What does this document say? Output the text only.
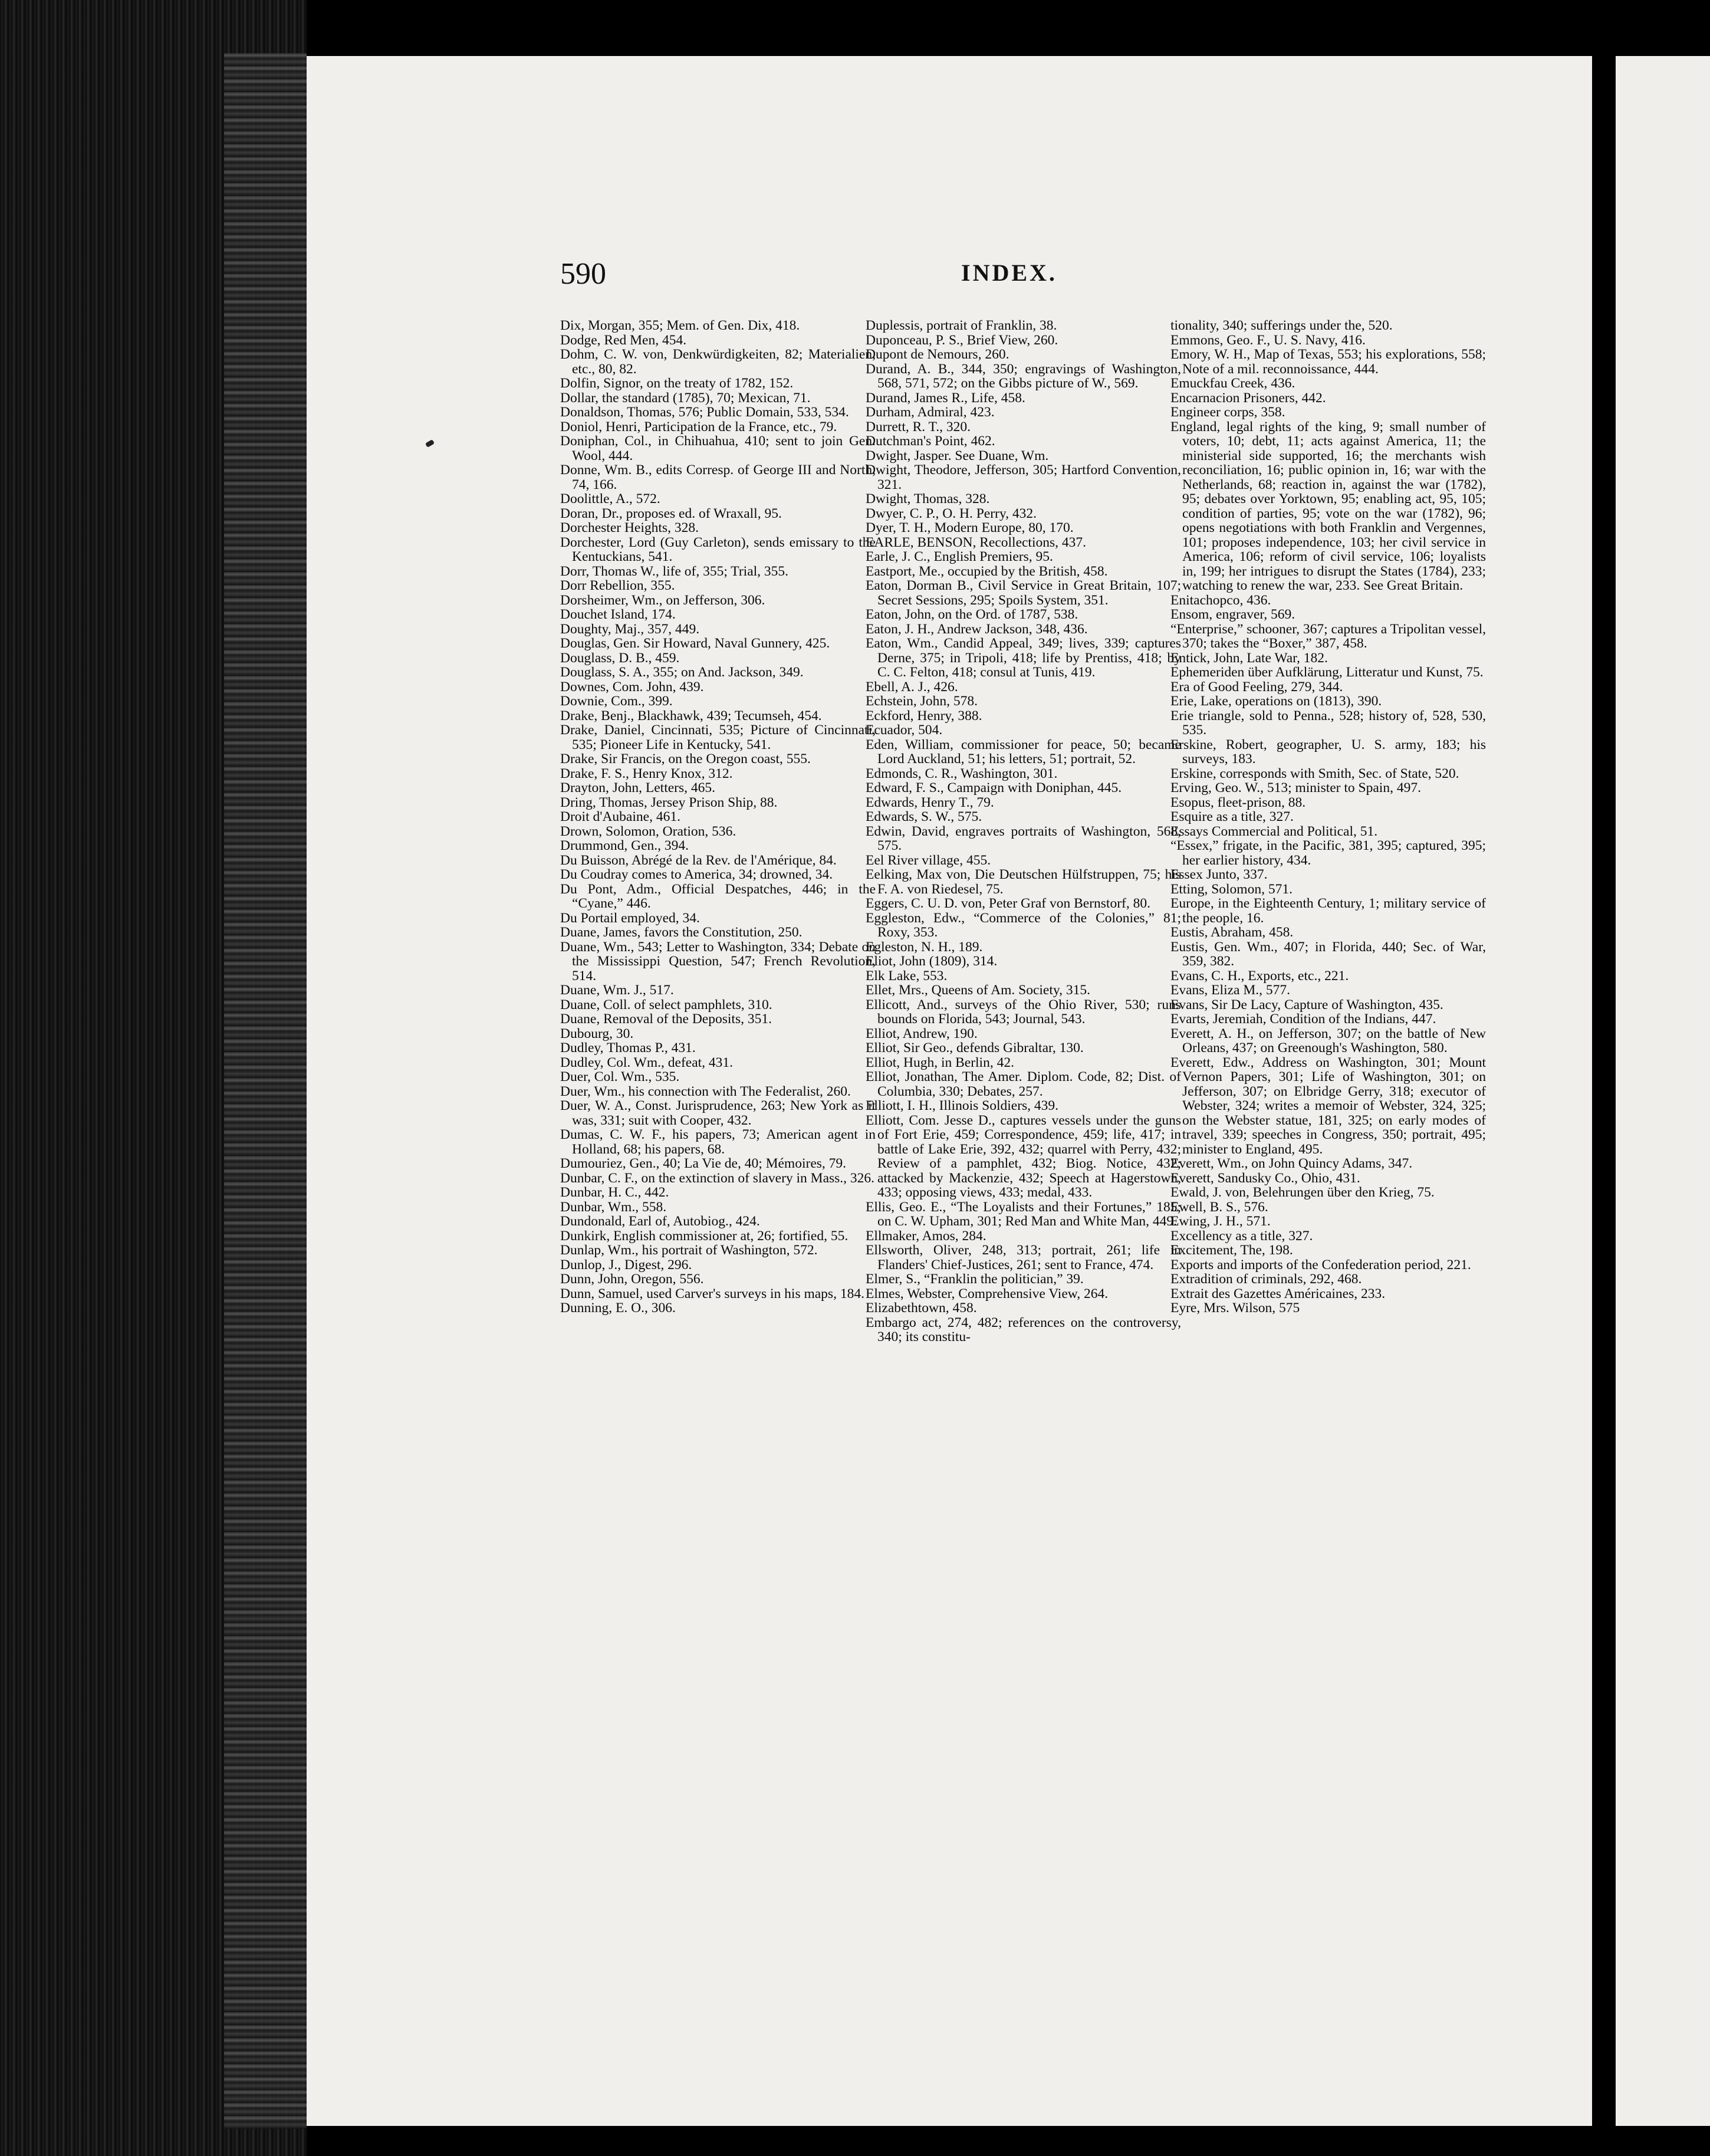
590	INDEX.

Dix, Morgan, 355; Mem. of Gen. Dix, 418.

Dodge, Red Men, 454.

Dohm, C. W. von, Denkwürdigkeiten, 82; Materialien, etc., 80, 82.

Dolfin, Signor, on the treaty of 1782, 152.

Dollar, the standard (1785), 70; Mexican, 71.

Donaldson, Thomas, 576; Public Domain, 533, 534.

Doniol, Henri, Participation de la France, etc., 79.

Doniphan, Col., in Chihuahua, 410; sent to join Gen. Wool, 444.

Donne, Wm. B., edits Corresp. of George III and North, 74, 166.

Doolittle, A., 572.

Doran, Dr., proposes ed. of Wraxall, 95.

Dorchester Heights, 328.

Dorchester, Lord (Guy Carleton), sends emissary to the Kentuckians, 541.

Dorr, Thomas W., life of, 355; Trial, 355.

Dorr Rebellion, 355.

Dorsheimer, Wm., on Jefferson, 306.

Douchet Island, 174.

Doughty, Maj., 357, 449.

Douglas, Gen. Sir Howard, Naval Gunnery, 425.

Douglass, D. B., 459.

Douglass, S. A., 355; on And. Jackson, 349.

Downes, Com. John, 439.

Downie, Com., 399.

Drake, Benj., Blackhawk, 439; Tecumseh, 454.

Drake, Daniel, Cincinnati, 535; Picture of Cincinnati, 535; Pioneer Life in Kentucky, 541.

Drake, Sir Francis, on the Oregon coast, 555.

Drake, F. S., Henry Knox, 312.

Drayton, John, Letters, 465.

Dring, Thomas, Jersey Prison Ship, 88.

Droit d'Aubaine, 461.

Drown, Solomon, Oration, 536.

Drummond, Gen., 394.

Du Buisson, Abrégé de la Rev. de l'Amérique, 84.

Du Coudray comes to America, 34; drowned, 34.

Du Pont, Adm., Official Despatches, 446; in the “Cyane,” 446.

Du Portail employed, 34.

Duane, James, favors the Constitution, 250.

Duane, Wm., 543; Letter to Washington, 334; Debate on the Mississippi Question, 547; French Revolution, 514.

Duane, Wm. J., 517.

Duane, Coll. of select pamphlets, 310.

Duane, Removal of the Deposits, 351.

Dubourg, 30.

Dudley, Thomas P., 431.

Dudley, Col. Wm., defeat, 431.

Duer, Col. Wm., 535.

Duer, Wm., his connection with The Federalist, 260.

Duer, W. A., Const. Jurisprudence, 263; New York as it was, 331; suit with Cooper, 432.

Dumas, C. W. F., his papers, 73; American agent in Holland, 68; his papers, 68.

Dumouriez, Gen., 40; La Vie de, 40; Mémoires, 79.

Dunbar, C. F., on the extinction of slavery in Mass., 326.

Dunbar, H. C., 442.

Dunbar, Wm., 558.

Dundonald, Earl of, Autobiog., 424.

Dunkirk, English commissioner at, 26; fortified, 55.

Dunlap, Wm., his portrait of Washington, 572.

Dunlop, J., Digest, 296.

Dunn, John, Oregon, 556.

Dunn, Samuel, used Carver's surveys in his maps, 184.

Dunning, E. O., 306.

Duplessis, portrait of Franklin, 38.

Duponceau, P. S., Brief View, 260.

Dupont de Nemours, 260.

Durand, A. B., 344, 350; engravings of Washington, 568, 571, 572; on the Gibbs picture of W., 569.

Durand, James R., Life, 458.

Durham, Admiral, 423.

Durrett, R. T., 320.

Dutchman's Point, 462.

Dwight, Jasper. See Duane, Wm.

Dwight, Theodore, Jefferson, 305; Hartford Convention, 321.

Dwight, Thomas, 328.

Dwyer, C. P., O. H. Perry, 432.

Dyer, T. H., Modern Europe, 80, 170.

EARLE, BENSON, Recollections, 437.

Earle, J. C., English Premiers, 95.

Eastport, Me., occupied by the British, 458.

Eaton, Dorman B., Civil Service in Great Britain, 107; Secret Sessions, 295; Spoils System, 351.

Eaton, John, on the Ord. of 1787, 538.

Eaton, J. H., Andrew Jackson, 348, 436.

Eaton, Wm., Candid Appeal, 349; lives, 339; captures Derne, 375; in Tripoli, 418; life by Prentiss, 418; by C. C. Felton, 418; consul at Tunis, 419.

Ebell, A. J., 426.

Echstein, John, 578.

Eckford, Henry, 388.

Ecuador, 504.

Eden, William, commissioner for peace, 50; became Lord Auckland, 51; his letters, 51; portrait, 52.

Edmonds, C. R., Washington, 301.

Edward, F. S., Campaign with Doniphan, 445.

Edwards, Henry T., 79.

Edwards, S. W., 575.

Edwin, David, engraves portraits of Washington, 568, 575.

Eel River village, 455.

Eelking, Max von, Die Deutschen Hülfstruppen, 75; his F. A. von Riedesel, 75.

Eggers, C. U. D. von, Peter Graf von Bernstorf, 80.

Eggleston, Edw., “Commerce of the Colonies,” 81; Roxy, 353.

Egleston, N. H., 189.

Eliot, John (1809), 314.

Elk Lake, 553.

Ellet, Mrs., Queens of Am. Society, 315.

Ellicott, And., surveys of the Ohio River, 530; runs bounds on Florida, 543; Journal, 543.

Elliot, Andrew, 190.

Elliot, Sir Geo., defends Gibraltar, 130.

Elliot, Hugh, in Berlin, 42.

Elliot, Jonathan, The Amer. Diplom. Code, 82; Dist. of Columbia, 330; Debates, 257.

Elliott, I. H., Illinois Soldiers, 439.

Elliott, Com. Jesse D., captures vessels under the guns of Fort Erie, 459; Correspondence, 459; life, 417; in battle of Lake Erie, 392, 432; quarrel with Perry, 432; Review of a pamphlet, 432; Biog. Notice, 432; attacked by Mackenzie, 432; Speech at Hagerstown, 433; opposing views, 433; medal, 433.

Ellis, Geo. E., “The Loyalists and their Fortunes,” 185; on C. W. Upham, 301; Red Man and White Man, 449.

Ellmaker, Amos, 284.

Ellsworth, Oliver, 248, 313; portrait, 261; life in Flanders' Chief-Justices, 261; sent to France, 474.

Elmer, S., “Franklin the politician,” 39.

Elmes, Webster, Comprehensive View, 264.

Elizabethtown, 458.

Embargo act, 274, 482; references on the controversy, 340; its constitu-

tionality, 340; sufferings under the, 520.

Emmons, Geo. F., U. S. Navy, 416.

Emory, W. H., Map of Texas, 553; his explorations, 558; Note of a mil. reconnoissance, 444.

Emuckfau Creek, 436.

Encarnacion Prisoners, 442.

Engineer corps, 358.

England, legal rights of the king, 9; small number of voters, 10; debt, 11; acts against America, 11; the ministerial side supported, 16; the merchants wish reconciliation, 16; public opinion in, 16; war with the Netherlands, 68; reaction in, against the war (1782), 95; debates over Yorktown, 95; enabling act, 95, 105; condition of parties, 95; vote on the war (1782), 96; opens negotiations with both Franklin and Vergennes, 101; proposes independence, 103; her civil service in America, 106; reform of civil service, 106; loyalists in, 199; her intrigues to disrupt the States (1784), 233; watching to renew the war, 233. See Great Britain.

Enitachopco, 436.

Ensom, engraver, 569.

“Enterprise,” schooner, 367; captures a Tripolitan vessel, 370; takes the “Boxer,” 387, 458.

Entick, John, Late War, 182.

Ephemeriden über Aufklärung, Litteratur und Kunst, 75.

Era of Good Feeling, 279, 344.

Erie, Lake, operations on (1813), 390.

Erie triangle, sold to Penna., 528; history of, 528, 530, 535.

Erskine, Robert, geographer, U. S. army, 183; his surveys, 183.

Erskine, corresponds with Smith, Sec. of State, 520.

Erving, Geo. W., 513; minister to Spain, 497.

Esopus, fleet-prison, 88.

Esquire as a title, 327.

Essays Commercial and Political, 51.

“Essex,” frigate, in the Pacific, 381, 395; captured, 395; her earlier history, 434.

Essex Junto, 337.

Etting, Solomon, 571.

Europe, in the Eighteenth Century, 1; military service of the people, 16.

Eustis, Abraham, 458.

Eustis, Gen. Wm., 407; in Florida, 440; Sec. of War, 359, 382.

Evans, C. H., Exports, etc., 221.

Evans, Eliza M., 577.

Evans, Sir De Lacy, Capture of Washington, 435.

Evarts, Jeremiah, Condition of the Indians, 447.

Everett, A. H., on Jefferson, 307; on the battle of New Orleans, 437; on Greenough's Washington, 580.

Everett, Edw., Address on Washington, 301; Mount Vernon Papers, 301; Life of Washington, 301; on Jefferson, 307; on Elbridge Gerry, 318; executor of Webster, 324; writes a memoir of Webster, 324, 325; on the Webster statue, 181, 325; on early modes of travel, 339; speeches in Congress, 350; portrait, 495; minister to England, 495.

Everett, Wm., on John Quincy Adams, 347.

Everett, Sandusky Co., Ohio, 431.

Ewald, J. von, Belehrungen über den Krieg, 75.

Ewell, B. S., 576.

Ewing, J. H., 571.

Excellency as a title, 327.

Excitement, The, 198.

Exports and imports of the Confederation period, 221.

Extradition of criminals, 292, 468.

Extrait des Gazettes Américaines, 233.

Eyre, Mrs. Wilson, 575
